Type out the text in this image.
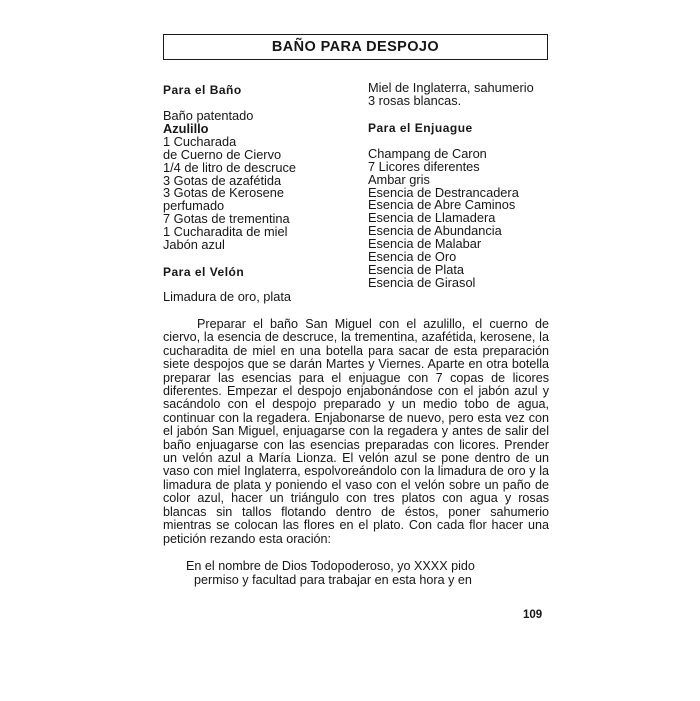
BAÑO PARA DESPOJO

Para el Baño

Baño patentado
Azulillo
1 Cucharada
de Cuerno de Ciervo
1/4 de litro de descruce
3 Gotas de azafétida
3 Gotas de Kerosene
perfumado
7 Gotas de trementina
1 Cucharadita de miel
Jabón azul

Para el Velón

Limadura de oro, plata
Miel de Inglaterra, sahumerio
3 rosas blancas.

Para el Enjuague

Champang de Caron
7 Licores diferentes
Ambar gris
Esencia de Destrancadera
Esencia de Abre Caminos
Esencia de Llamadera
Esencia de Abundancia
Esencia de Malabar
Esencia de Oro
Esencia de Plata
Esencia de Girasol

Preparar el baño San Miguel con el azulillo, el cuerno de ciervo, la esencia de descruce, la trementina, azafétida, kerosene, la cucharadita de miel en una botella para sacar de esta preparación siete despojos que se darán Martes y Viernes. Aparte en otra botella preparar las esencias para el enjuague con 7 copas de licores diferentes. Empezar el despojo enjabonándose con el jabón azul y sacándolo con el despojo preparado y un medio tobo de agua, continuar con la regadera. Enjabonarse de nuevo, pero esta vez con el jabón San Miguel, enjuagarse con la regadera y antes de salir del baño enjuagarse con las esencias preparadas con licores. Prender un velón azul a María Lionza. El velón azul se pone dentro de un vaso con miel Inglaterra, espolvoreándolo con la limadura de oro y la limadura de plata y poniendo el vaso con el velón sobre un paño de color azul, hacer un triángulo con tres platos con agua y rosas blancas sin tallos flotando dentro de éstos, poner sahumerio mientras se colocan las flores en el plato. Con cada flor hacer una petición rezando esta oración:

En el nombre de Dios Todopoderoso, yo XXXX pido
permiso y facultad para trabajar en esta hora y en
109
